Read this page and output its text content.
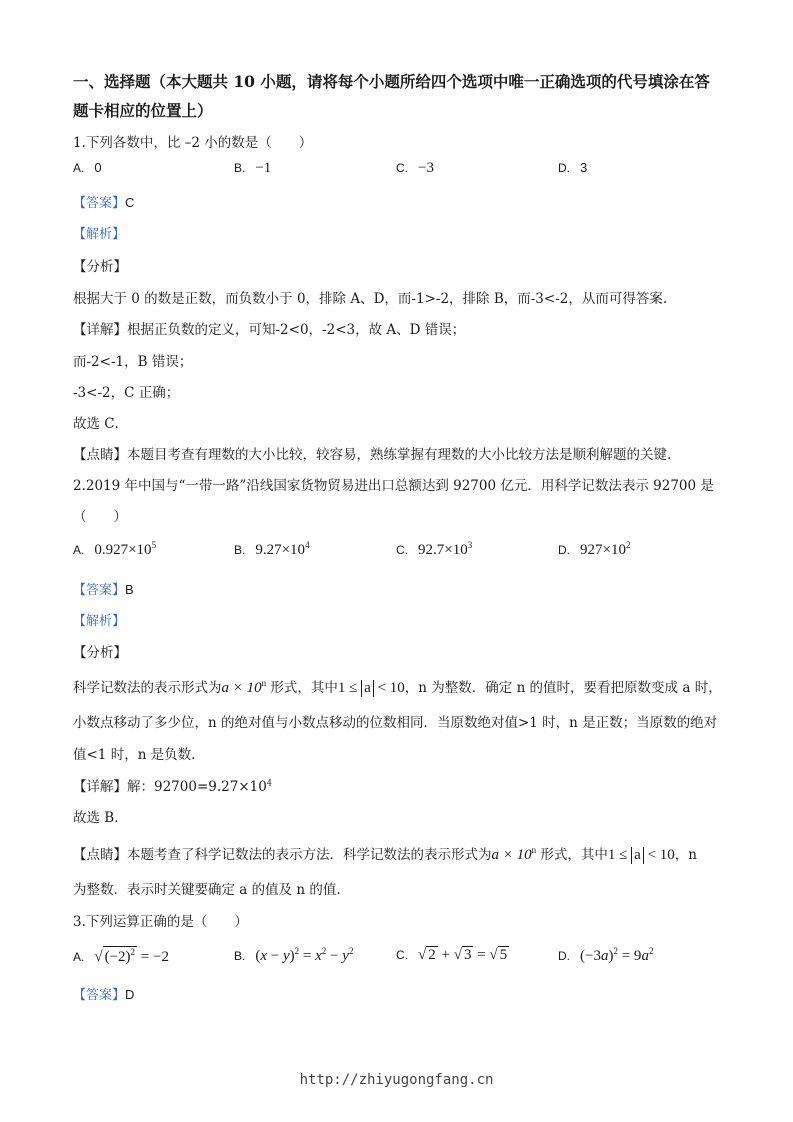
一、选择题（本大题共 10 小题，请将每个小题所给四个选项中唯一正确选项的代号填涂在答
题卡相应的位置上）
1.下列各数中，比 –2 小的数是（　　）
A. 0	B. −1	C. −3	D. 3
【答案】C
【解析】
【分析】
根据大于 0 的数是正数，而负数小于 0，排除 A、D，而-1>-2，排除 B，而-3<-2，从而可得答案.
【详解】根据正负数的定义，可知-2<0，-2<3，故 A、D 错误；
而-2<-1，B 错误；
-3<-2，C 正确；
故选 C．
【点睛】本题目考查有理数的大小比较，较容易，熟练掌握有理数的大小比较方法是顺利解题的关键.
2.2019 年中国与“一带一路”沿线国家货物贸易进出口总额达到 92700 亿元．用科学记数法表示 92700 是
（　　）
A. $0.927\times 10^5$	B. $9.27\times 10^4$	C. $92.7\times 10^3$	D. $927\times 10^2$
【答案】B
【解析】
【分析】
科学记数法的表示形式为$a \times 10^n$ 形式，其中1 ≤ a < 10，n 为整数．确定 n 的值时，要看把原数变成 a 时，
小数点移动了多少位，n 的绝对值与小数点移动的位数相同．当原数绝对值>1 时，n 是正数；当原数的绝对
值<1 时，n 是负数．
【详解】解：$92700=9.27\times 10^4$
故选 B．
【点睛】本题考查了科学记数法的表示方法．科学记数法的表示形式为$a \times 10^n$ 形式，其中1 ≤ a < 10，n
为整数．表示时关键要确定 a 的值及 n 的值.
3.下列运算正确的是（　　）
A. √ $(-2)^2 = -2$	B. $(x - y)^2 = x^2 - y^2$	C. √ 2 + √ 3 = √ 5	D. $(-3a)^2 = 9a^2$
【答案】D
http://zhiyugongfang.cn
